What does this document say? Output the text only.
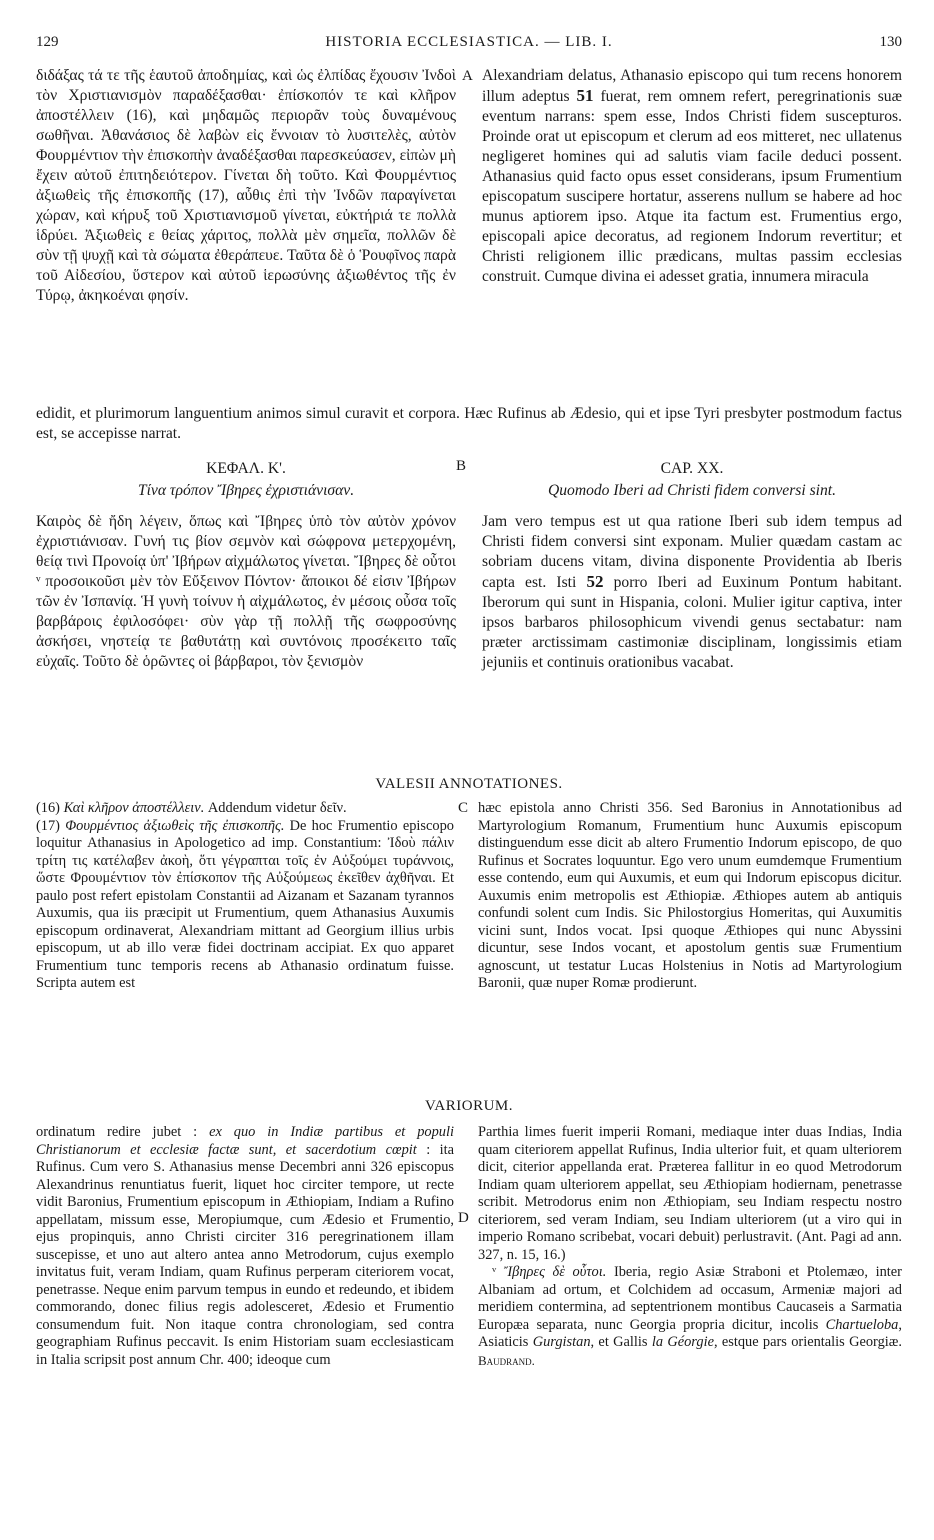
129	HISTORIA ECCLESIASTICA. — LIB. I.	130

διδάξας τά τε τῆς ἑαυτοῦ ἀποδημίας, καὶ ὡς ἐλπίδας ἔχουσιν Ἰνδοὶ τὸν Χριστιανισμὸν παραδέξασθαι· ἐπίσκοπόν τε καὶ κλῆρον ἀποστέλλειν (16), καὶ μηδαμῶς περιορᾶν τοὺς δυναμένους σωθῆναι. Ἀθανάσιος δὲ λαβὼν εἰς ἔννοιαν τὸ λυσιτελὲς, αὐτὸν Φουρμέντιον τὴν ἐπισκοπὴν ἀναδέξασθαι παρεσκεύασεν, εἰπὼν μὴ ἔχειν αὐτοῦ ἐπιτηδειότερον. Γίνεται δὴ τοῦτο. Καὶ Φουρμέντιος ἀξιωθεὶς τῆς ἐπισκοπῆς (17), αὖθις ἐπὶ τὴν Ἰνδῶν παραγίνεται χώραν, καὶ κήρυξ τοῦ Χριστιανισμοῦ γίνεται, εὐκτήριά τε πολλὰ ἱδρύει. Ἀξιωθεὶς ε θείας χάριτος, πολλὰ μὲν σημεῖα, πολλῶν δὲ σὺν τῇ ψυχῇ καὶ τὰ σώματα ἐθεράπευε. Ταῦτα δὲ ὁ Ῥουφῖνος παρὰ τοῦ Αἰδεσίου, ὕστερον καὶ αὐτοῦ ἱερωσύνης ἀξιωθέντος τῆς ἐν Τύρῳ, ἀκηκοέναι φησίν.

A Alexandriam delatus, Athanasio episcopo qui tum recens honorem illum adeptus 51 fuerat, rem omnem refert, peregrinationis suæ eventum narrans: spem esse, Indos Christi fidem suscepturos. Proinde orat ut episcopum et clerum ad eos mitteret, nec ullatenus negligeret homines qui ad salutis viam facile deduci possent. Athanasius quid facto opus esset considerans, ipsum Frumentium episcopatum suscipere hortatur, asserens nullum se habere ad hoc munus aptiorem ipso. Atque ita factum est. Frumentius ergo, episcopali apice decoratus, ad regionem Indorum revertitur; et Christi religionem illic prædicans, multas passim ecclesias construit. Cumque divina ei adesset gratia, innumera miracula

edidit, et plurimorum languentium animos simul curavit et corpora. Hæc Rufinus ab Ædesio, qui et ipse Tyri presbyter postmodum factus est, se accepisse narrat.
ΚΕΦΑΛ. Κ'.	B	CAP. XX.
Τίνα τρόπον Ἴβηρες ἐχριστιάνισαν.	Quomodo Iberi ad Christi fidem conversi sint.

Καιρὸς δὲ ἤδη λέγειν, ὅπως καὶ Ἴβηρες ὑπὸ τὸν αὐτὸν χρόνον ἐχριστιάνισαν. Γυνή τις βίον σεμνὸν καὶ σώφρονα μετερχομένη, θείᾳ τινὶ Προνοίᾳ ὑπ' Ἰβήρων αἰχμάλωτος γίνεται. Ἴβηρες δὲ οὗτοι ᵛ προσοικοῦσι μὲν τὸν Εὔξεινον Πόντον· ἄποικοι δέ εἰσιν Ἰβήρων τῶν ἐν Ἰσπανίᾳ. Ἡ γυνὴ τοίνυν ἡ αἰχμάλωτος, ἐν μέσοις οὖσα τοῖς βαρβάροις ἐφιλοσόφει· σὺν γὰρ τῇ πολλῇ τῆς σωφροσύνης ἀσκήσει, νηστείᾳ τε βαθυτάτῃ καὶ συντόνοις προσέκειτο ταῖς εὐχαῖς. Τοῦτο δὲ ὁρῶντες οἱ βάρβαροι, τὸν ξενισμὸν

Jam vero tempus est ut qua ratione Iberi sub idem tempus ad Christi fidem conversi sint exponam. Mulier quædam castam ac sobriam ducens vitam, divina disponente Providentia ab Iberis capta est. Isti 52 porro Iberi ad Euxinum Pontum habitant. Iberorum qui sunt in Hispania, coloni. Mulier igitur captiva, inter ipsos barbaros philosophicum vivendi genus sectabatur: nam præter arctissimam castimoniæ disciplinam, longissimis etiam jejuniis et continuis orationibus vacabat.

VALESII ANNOTATIONES.

(16) Καὶ κλῆρον ἀποστέλλειν. Addendum videtur δεῖν.

(17) Φουρμέντιος ἀξιωθεὶς τῆς ἐπισκοπῆς. De hoc Frumentio episcopo loquitur Athanasius in Apologetico ad imp. Constantium: Ἰδοὺ πάλιν τρίτη τις κατέλαβεν ἀκοὴ, ὅτι γέγραπται τοῖς ἐν Αὐξούμει τυράννοις, ὥστε Φρουμέντιον τὸν ἐπίσκοπον τῆς Αὐξούμεως ἐκεῖθεν ἀχθῆναι. Et paulo post refert epistolam Constantii ad Aizanam et Sazanam tyrannos Auxumis, qua iis præcipit ut Frumentium, quem Athanasius Auxumis episcopum ordinaverat, Alexandriam mittant ad Georgium illius urbis episcopum, ut ab illo veræ fidei doctrinam accipiat. Ex quo apparet Frumentium tunc temporis recens ab Athanasio ordinatum fuisse. Scripta autem est

C hæc epistola anno Christi 356. Sed Baronius in Annotationibus ad Martyrologium Romanum, Frumentium hunc Auxumis episcopum distinguendum esse dicit ab altero Frumentio Indorum episcopo, de quo Rufinus et Socrates loquuntur. Ego vero unum eumdemque Frumentium esse contendo, eum qui Auxumis, et eum qui Indorum episcopus dicitur. Auxumis enim metropolis est Æthiopiæ. Æthiopes autem ab antiquis confundi solent cum Indis. Sic Philostorgius Homeritas, qui Auxumitis vicini sunt, Indos vocat. Ipsi quoque Æthiopes qui nunc Abyssini dicuntur, sese Indos vocant, et apostolum gentis suæ Frumentium agnoscunt, ut testatur Lucas Holstenius in Notis ad Martyrologium Baronii, quæ nuper Romæ prodierunt.

VARIORUM.

ordinatum redire jubet : ex quo in Indiæ partibus et populi Christianorum et ecclesiæ factæ sunt, et sacerdotium cœpit : ita Rufinus. Cum vero S. Athanasius mense Decembri anni 326 episcopus Alexandrinus renuntiatus fuerit, liquet hoc circiter tempore, ut recte vidit Baronius, Frumentium episcopum in Æthiopiam, Indiam a Rufino appellatam, missum esse, Meropiumque, cum Ædesio et Frumentio, ejus propinquis, anno Christi circiter 316 peregrinationem illam suscepisse, et uno aut altero antea anno Metrodorum, cujus exemplo invitatus fuit, veram Indiam, quam Rufinus perperam citeriorem vocat, penetrasse. Neque enim parvum tempus in eundo et redeundo, et ibidem commorando, donec filius regis adolesceret, Ædesio et Frumentio consumendum fuit. Non itaque contra chronologiam, sed contra geographiam Rufinus peccavit. Is enim Historiam suam ecclesiasticam in Italia scripsit post annum Chr. 400; ideoque cum

D

Parthia limes fuerit imperii Romani, mediaque inter duas Indias, India quam citeriorem appellat Rufinus, India ulterior fuit, et quam ulteriorem dicit, citerior appellanda erat. Præterea fallitur in eo quod Metrodorum Indiam quam ulteriorem appellat, seu Æthiopiam hodiernam, penetrasse scribit. Metrodorus enim non Æthiopiam, seu Indiam respectu nostro citeriorem, sed veram Indiam, seu Indiam ulteriorem (ut a viro qui in imperio Romano scribebat, vocari debuit) perlustravit. (Ant. Pagi ad ann. 327, n. 15, 16.)

ᵛ Ἴβηρες δὲ οὗτοι. Iberia, regio Asiæ Straboni et Ptolemæo, inter Albaniam ad ortum, et Colchidem ad occasum, Armeniæ majori ad meridiem contermina, ad septentrionem montibus Caucaseis a Sarmatia Europæa separata, nunc Georgia propria dicitur, incolis Chartueloba, Asiaticis Gurgistan, et Gallis la Géorgie, estque pars orientalis Georgiæ. Baudrand.
